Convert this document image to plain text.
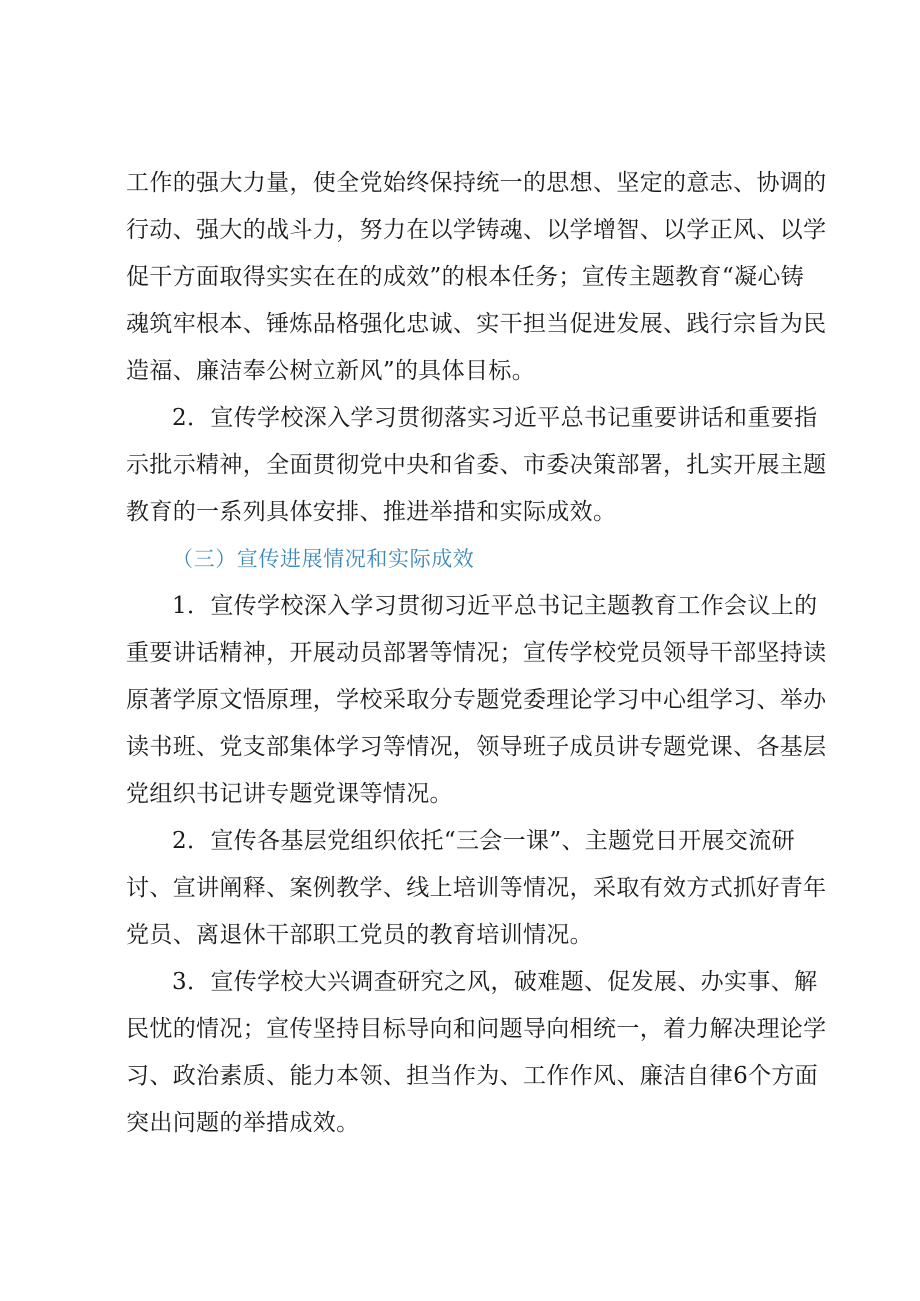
工作的强大力量，使全党始终保持统一的思想、坚定的意志、协调的
行动、强大的战斗力，努力在以学铸魂、以学增智、以学正风、以学
促干方面取得实实在在的成效”的根本任务；宣传主题教育“凝心铸
魂筑牢根本、锤炼品格强化忠诚、实干担当促进发展、践行宗旨为民
造福、廉洁奉公树立新风”的具体目标。
2．宣传学校深入学习贯彻落实习近平总书记重要讲话和重要指
示批示精神，全面贯彻党中央和省委、市委决策部署，扎实开展主题
教育的一系列具体安排、推进举措和实际成效。
（三）宣传进展情况和实际成效
1．宣传学校深入学习贯彻习近平总书记主题教育工作会议上的
重要讲话精神，开展动员部署等情况；宣传学校党员领导干部坚持读
原著学原文悟原理，学校采取分专题党委理论学习中心组学习、举办
读书班、党支部集体学习等情况，领导班子成员讲专题党课、各基层
党组织书记讲专题党课等情况。
2．宣传各基层党组织依托“三会一课”、主题党日开展交流研
讨、宣讲阐释、案例教学、线上培训等情况，采取有效方式抓好青年
党员、离退休干部职工党员的教育培训情况。
3．宣传学校大兴调查研究之风，破难题、促发展、办实事、解
民忧的情况；宣传坚持目标导向和问题导向相统一，着力解决理论学
习、政治素质、能力本领、担当作为、工作作风、廉洁自律6个方面
突出问题的举措成效。
